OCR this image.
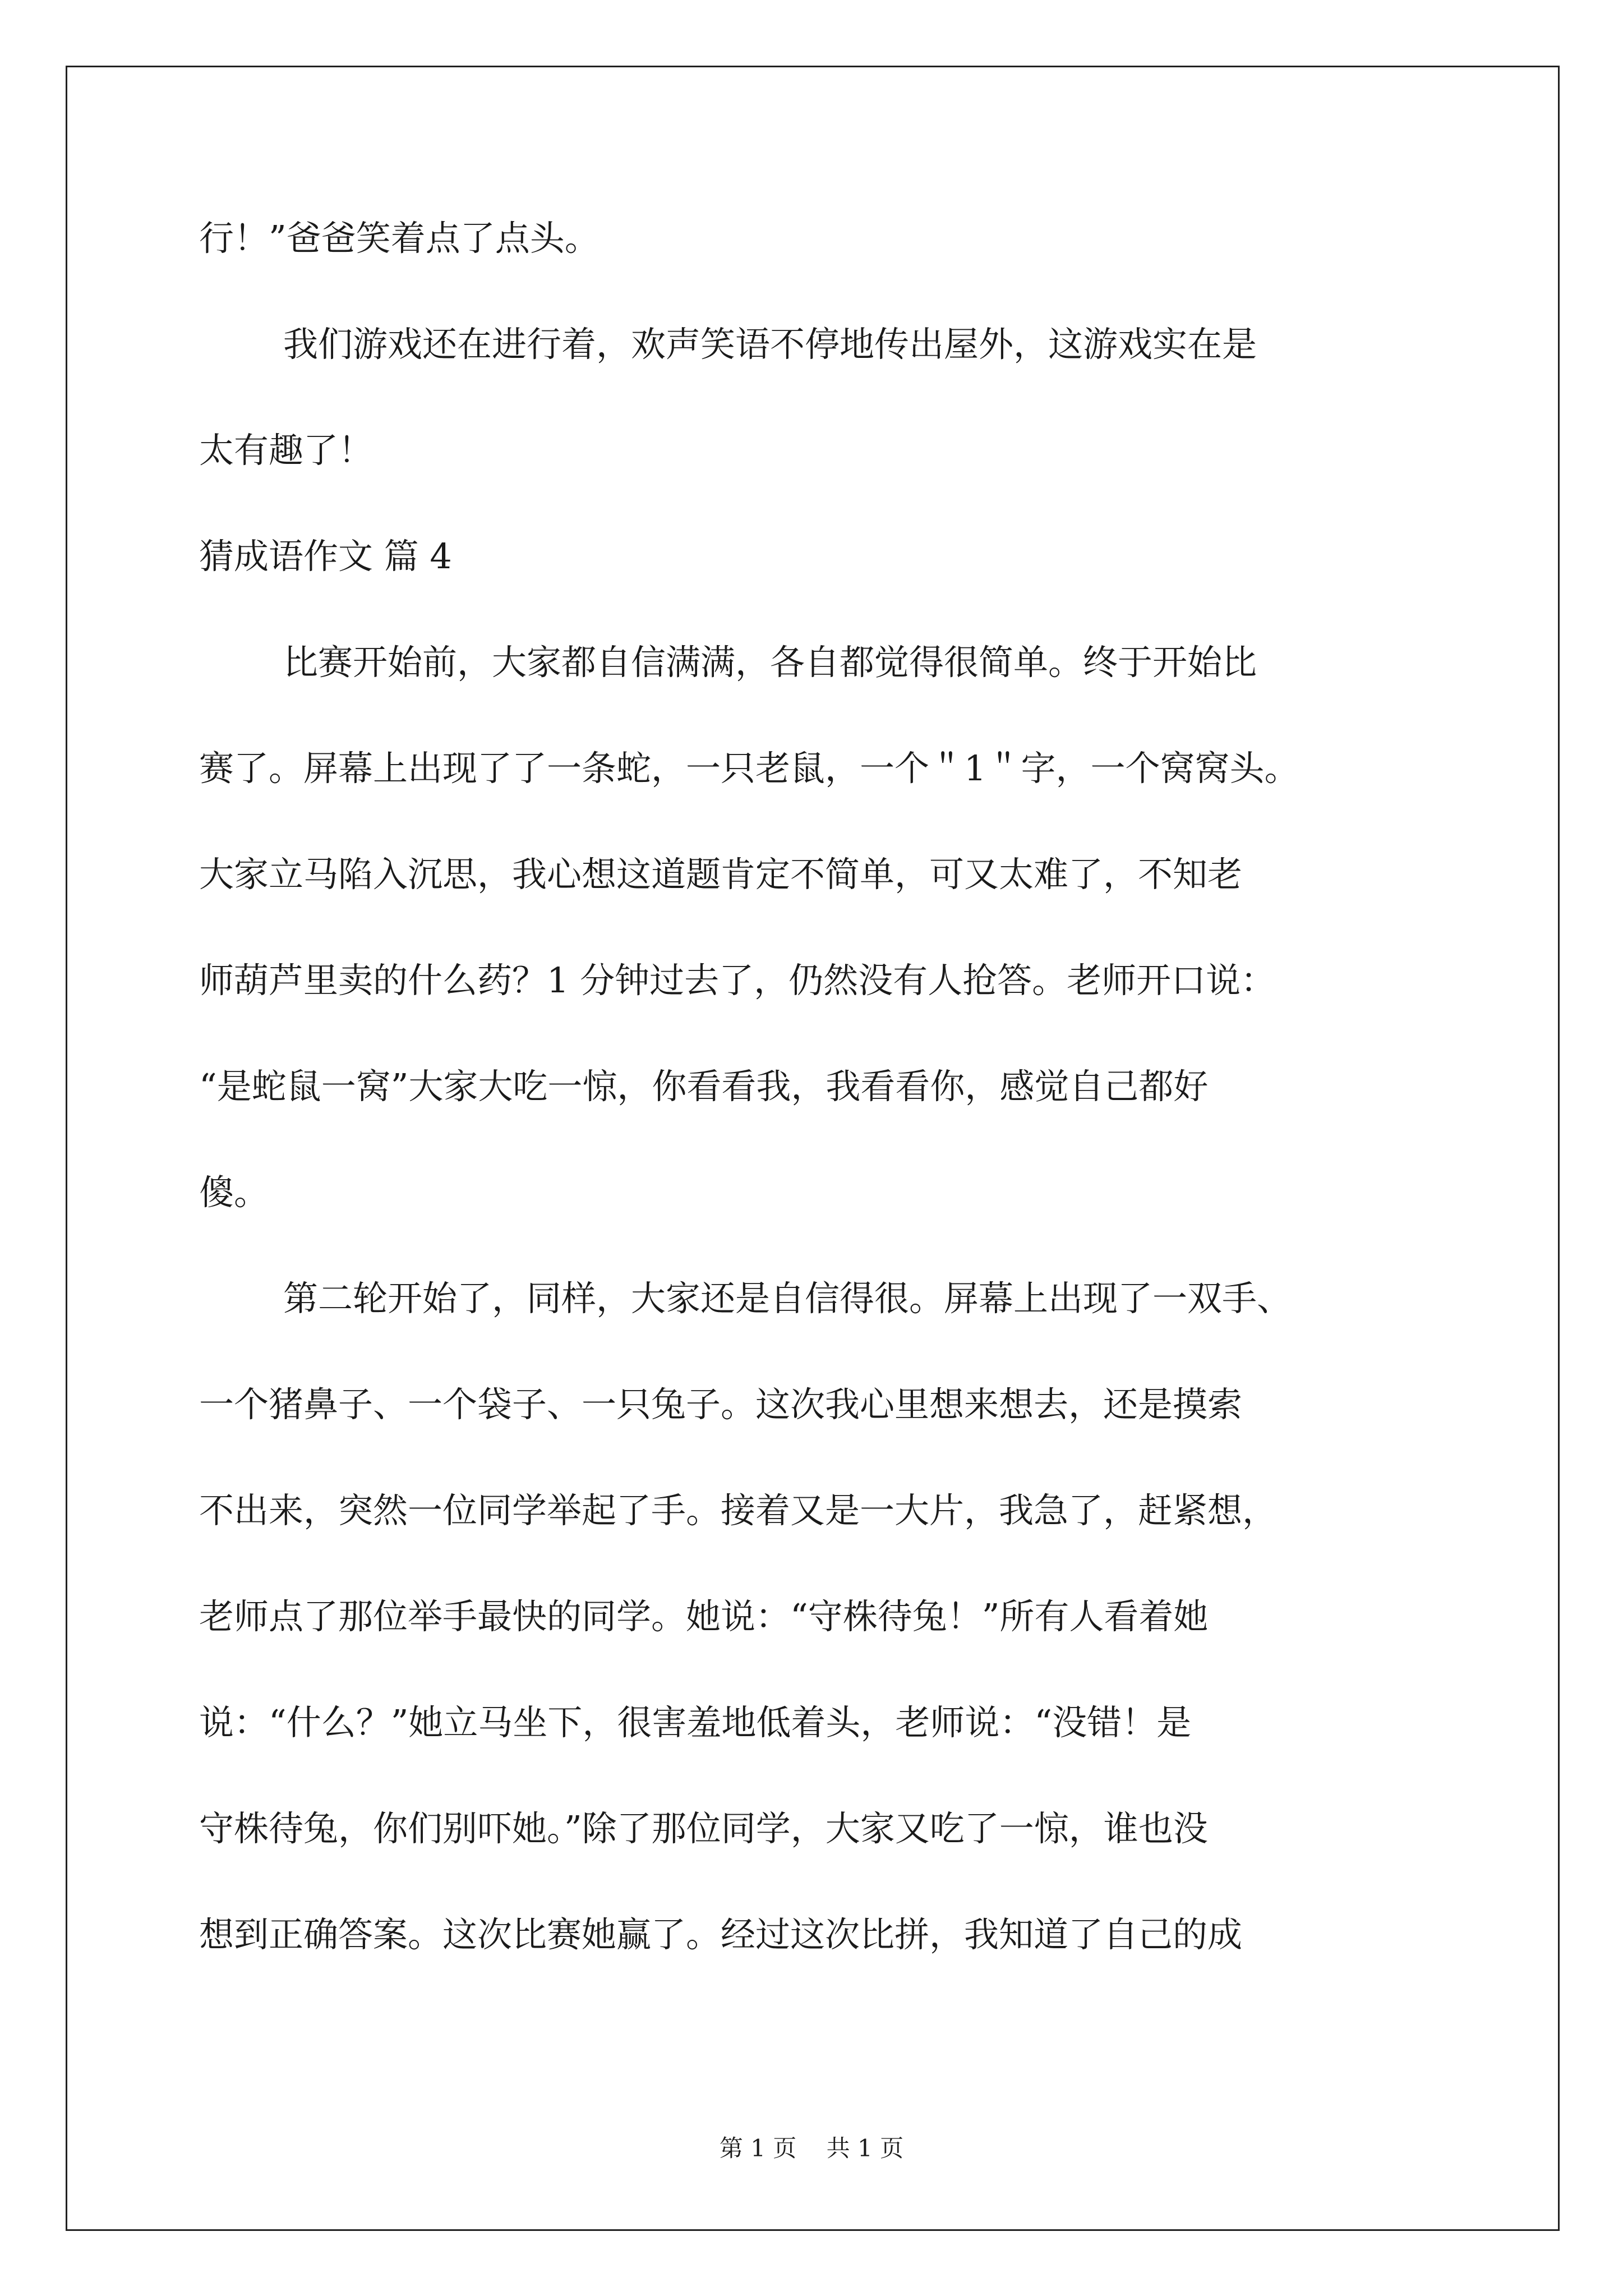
行！”爸爸笑着点了点头。
我们游戏还在进行着，欢声笑语不停地传出屋外，这游戏实在是
太有趣了！
猜成语作文 篇 4
比赛开始前，大家都自信满满，各自都觉得很简单。终于开始比
赛了。屏幕上出现了了一条蛇，一只老鼠，一个＂1＂字，一个窝窝头。
大家立马陷入沉思，我心想这道题肯定不简单，可又太难了，不知老
师葫芦里卖的什么药？1 分钟过去了，仍然没有人抢答。老师开口说：
“是蛇鼠一窝”大家大吃一惊，你看看我，我看看你，感觉自己都好
傻。
第二轮开始了，同样，大家还是自信得很。屏幕上出现了一双手、
一个猪鼻子、一个袋子、一只兔子。这次我心里想来想去，还是摸索
不出来，突然一位同学举起了手。接着又是一大片，我急了，赶紧想，
老师点了那位举手最快的同学。她说：“守株待兔！”所有人看着她
说：“什么？”她立马坐下，很害羞地低着头，老师说：“没错！是
守株待兔，你们别吓她。”除了那位同学，大家又吃了一惊，谁也没
想到正确答案。这次比赛她赢了。经过这次比拼，我知道了自己的成
第 1 页 共 1 页
